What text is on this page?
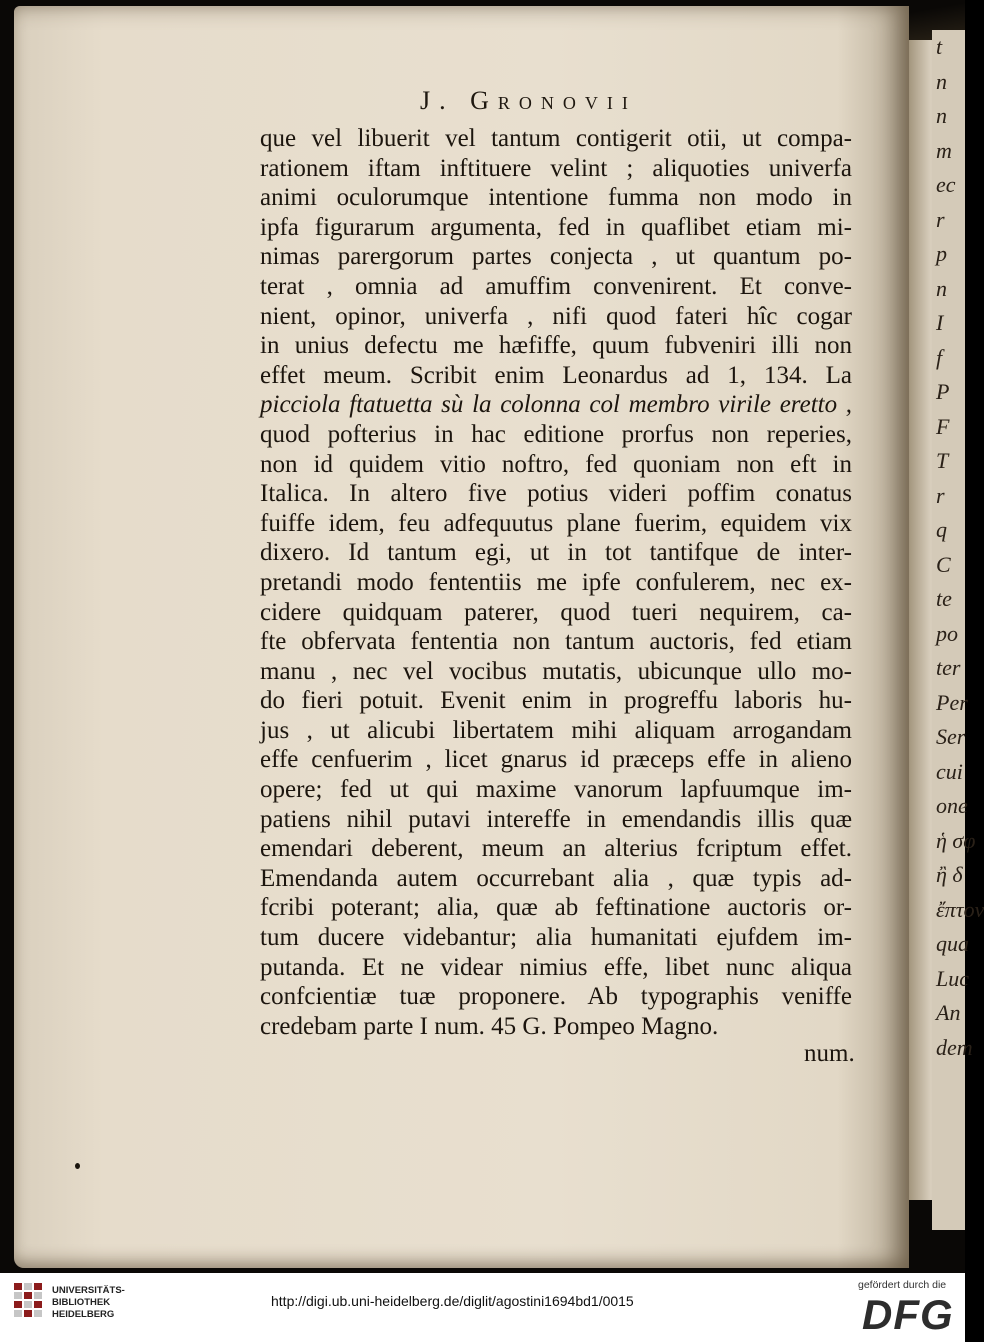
t
n
n
m
ec
r
p
n
I
f
P
F
T
r
q
C
te
po
ter
Per
Ser
cui
one
ἡ σφ
ἢ δ
ἔπτον
qua
Luc
An
dem
J. Gronovii
que vel libuerit vel tantum contigerit otii, ut compa-
rationem iftam inftituere velint ; aliquoties univerfa
animi oculorumque intentione fumma non modo in
ipfa figurarum argumenta, fed in quaflibet etiam mi-
nimas parergorum partes conjecta , ut quantum po-
terat , omnia ad amuffim convenirent. Et conve-
nient, opinor, univerfa , nifi quod fateri hîc cogar
in unius defectu me hæfiffe, quum fubveniri illi non
effet meum. Scribit enim Leonardus ad 1, 134. La
picciola ftatuetta sù la colonna col membro virile eretto ,
quod pofterius in hac editione prorfus non reperies,
non id quidem vitio noftro, fed quoniam non eft in
Italica. In altero five potius videri poffim conatus
fuiffe idem, feu adfequutus plane fuerim, equidem vix
dixero. Id tantum egi, ut in tot tantifque de inter-
pretandi modo fententiis me ipfe confulerem, nec ex-
cidere quidquam paterer, quod tueri nequirem, ca-
fte obfervata fententia non tantum auctoris, fed etiam
manu , nec vel vocibus mutatis, ubicunque ullo mo-
do fieri potuit. Evenit enim in progreffu laboris hu-
jus , ut alicubi libertatem mihi aliquam arrogandam
effe cenfuerim , licet gnarus id præceps effe in alieno
opere; fed ut qui maxime vanorum lapfuumque im-
patiens nihil putavi intereffe in emendandis illis quæ
emendari deberent, meum an alterius fcriptum effet.
Emendanda autem occurrebant alia , quæ typis ad-
fcribi poterant; alia, quæ ab feftinatione auctoris or-
tum ducere videbantur; alia humanitati ejufdem im-
putanda. Et ne videar nimius effe, libet nunc aliqua
confcientiæ tuæ proponere. Ab typographis veniffe
credebam parte I num. 45 G. Pompeo Magno.
num.
UNIVERSITÄTS-
BIBLIOTHEK
HEIDELBERG
http://digi.ub.uni-heidelberg.de/diglit/agostini1694bd1/0015
gefördert durch die
DFG
